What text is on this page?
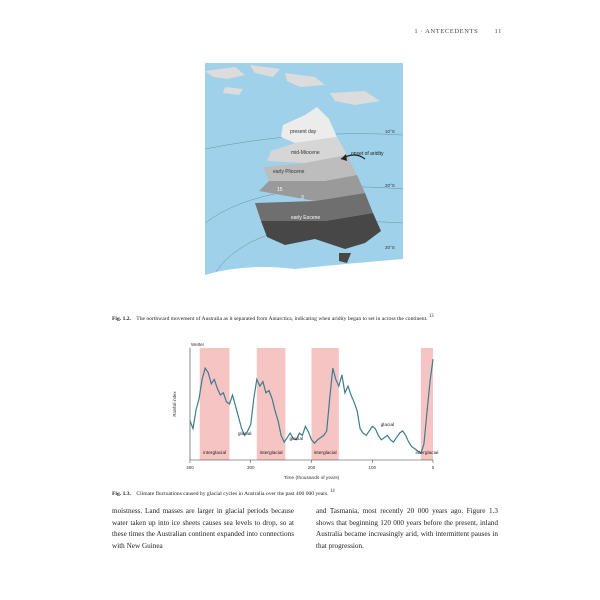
1 · ANTECEDENTS 11
present day
mid-Miocene
early Pliocene
onset of aridity
15
3
early Eocene
10°S
20°S
30°S
Fig. 1.2. The northward movement of Australia as it separated from Antarctica, indicating when aridity began to set in across the continent. $^{13}$
400	300	200	100	0
Wetter
Rainfall index
Time (thousands of years)
interglacial	interglacial	interglacial	interglacial
glacial
glacial
glacial
Fig. 1.3. Climate fluctuations caused by glacial cycles in Australia over the past 400 000 years. $^{14}$
moistness. Land masses are larger in glacial periods because water taken up into ice sheets causes sea levels to drop, so at these times the Australian continent expanded into connections with New Guinea
and Tasmania, most recently 20 000 years ago. Figure 1.3 shows that beginning 120 000 years before the present, inland Australia became increasingly arid, with intermittent pauses in that progression.
